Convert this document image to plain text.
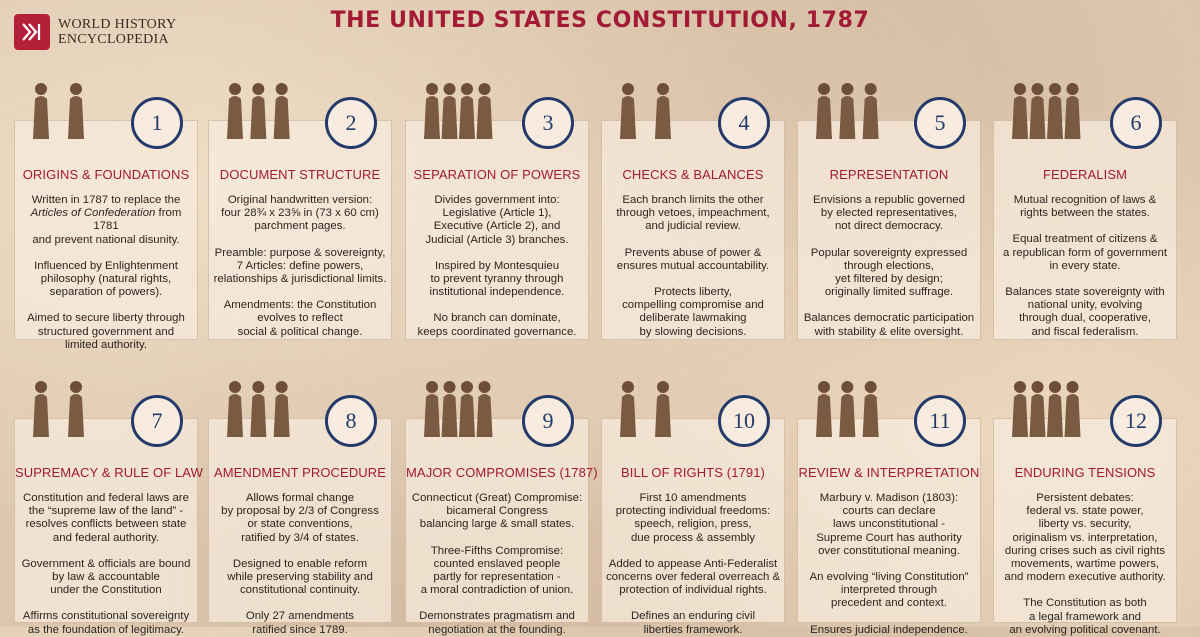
WORLD HISTORY
ENCYCLOPEDIA
THE UNITED STATES CONSTITUTION, 1787
1
ORIGINS & FOUNDATIONS

Written in 1787 to replace the
Articles of Confederation from 1781
and prevent national disunity.

Influenced by Enlightenment
philosophy (natural rights,
separation of powers).

Aimed to secure liberty through
structured government and
limited authority.

2
DOCUMENT STRUCTURE

Original handwritten version:
four 28¾ x 23⅝ in (73 x 60 cm)
parchment pages.

Preamble: purpose & sovereignty,
7 Articles: define powers,
relationships & jurisdictional limits.

Amendments: the Constitution
evolves to reflect
social & political change.

3
SEPARATION OF POWERS

Divides government into:
Legislative (Article 1),
Executive (Article 2), and
Judicial (Article 3) branches.

Inspired by Montesquieu
to prevent tyranny through
institutional independence.

No branch can dominate,
keeps coordinated governance.

4
CHECKS & BALANCES

Each branch limits the other
through vetoes, impeachment,
and judicial review.

Prevents abuse of power &
ensures mutual accountability.

Protects liberty,
compelling compromise and
deliberate lawmaking
by slowing decisions.

5
REPRESENTATION

Envisions a republic governed
by elected representatives,
not direct democracy.

Popular sovereignty expressed
through elections,
yet filtered by design;
originally limited suffrage.

Balances democratic participation
with stability & elite oversight.

6
FEDERALISM

Mutual recognition of laws &
rights between the states.

Equal treatment of citizens &
a republican form of government
in every state.

Balances state sovereignty with
national unity, evolving
through dual, cooperative,
and fiscal federalism.

7
SUPREMACY & RULE OF LAW

Constitution and federal laws are
the “supreme law of the land” -
resolves conflicts between state
and federal authority.

Government & officials are bound
by law & accountable
under the Constitution

Affirms constitutional sovereignty
as the foundation of legitimacy.

8
AMENDMENT PROCEDURE

Allows formal change
by proposal by 2/3 of Congress
or state conventions,
ratified by 3/4 of states.

Designed to enable reform
while preserving stability and
constitutional continuity.

Only 27 amendments
ratified since 1789.

9
MAJOR COMPROMISES (1787)

Connecticut (Great) Compromise:
bicameral Congress
balancing large & small states.

Three-Fifths Compromise:
counted enslaved people
partly for representation -
a moral contradiction of union.

Demonstrates pragmatism and
negotiation at the founding.

10
BILL OF RIGHTS (1791)

First 10 amendments
protecting individual freedoms:
speech, religion, press,
due process & assembly

Added to appease Anti-Federalist
concerns over federal overreach &
protection of individual rights.

Defines an enduring civil
liberties framework.

11
REVIEW & INTERPRETATION

Marbury v. Madison (1803):
courts can declare
laws unconstitutional -
Supreme Court has authority
over constitutional meaning.

An evolving “living Constitution”
interpreted through
precedent and context.

Ensures judicial independence.

12
ENDURING TENSIONS

Persistent debates:
federal vs. state power,
liberty vs. security,
originalism vs. interpretation,
during crises such as civil rights
movements, wartime powers,
and modern executive authority.

The Constitution as both
a legal framework and
an evolving political covenant.
